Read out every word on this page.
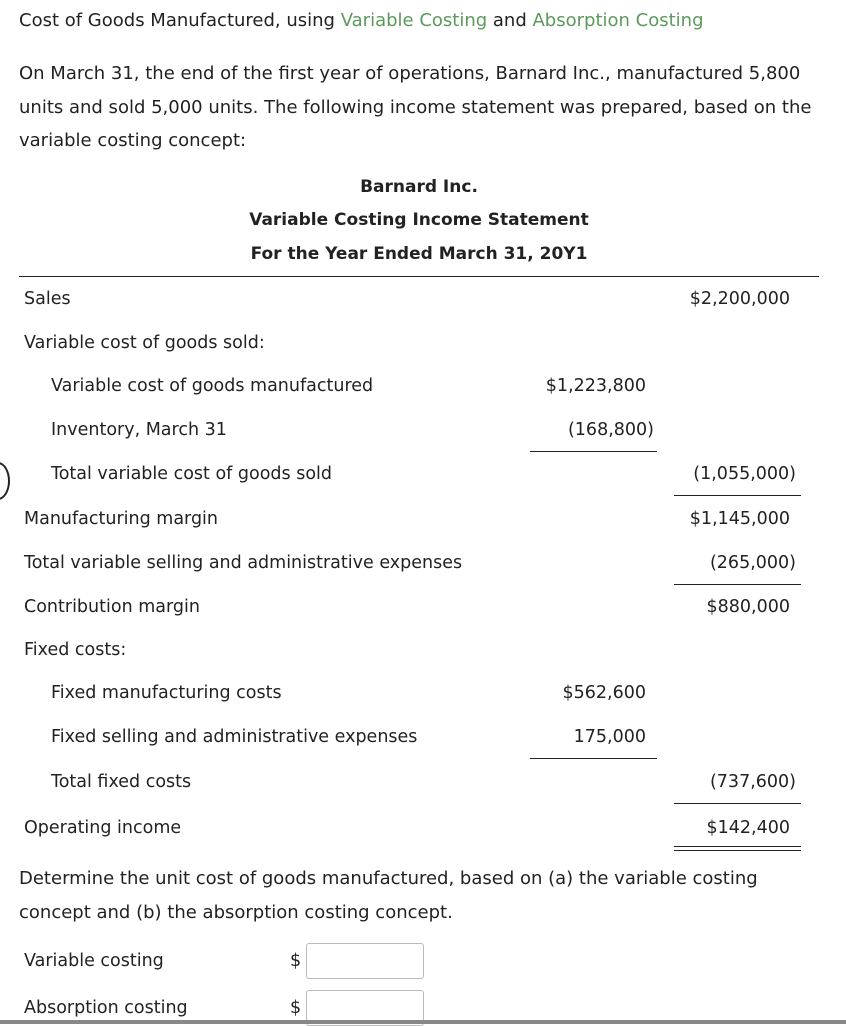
Cost of Goods Manufactured, using Variable Costing and Absorption Costing
On March 31, the end of the first year of operations, Barnard Inc., manufactured 5,800 units and sold 5,000 units. The following income statement was prepared, based on the variable costing concept:
Barnard Inc.
Variable Costing Income Statement
For the Year Ended March 31, 20Y1
Sales	$2,200,000
Variable cost of goods sold:
Variable cost of goods manufactured	$1,223,800
Inventory, March 31	(168,800)
Total variable cost of goods sold	(1,055,000)
Manufacturing margin	$1,145,000
Total variable selling and administrative expenses	(265,000)
Contribution margin	$880,000
Fixed costs:
Fixed manufacturing costs	$562,600
Fixed selling and administrative expenses	175,000
Total fixed costs	(737,600)
Operating income	$142,400
Determine the unit cost of goods manufactured, based on (a) the variable costing concept and (b) the absorption costing concept.
Variable costing	$
Absorption costing	$
